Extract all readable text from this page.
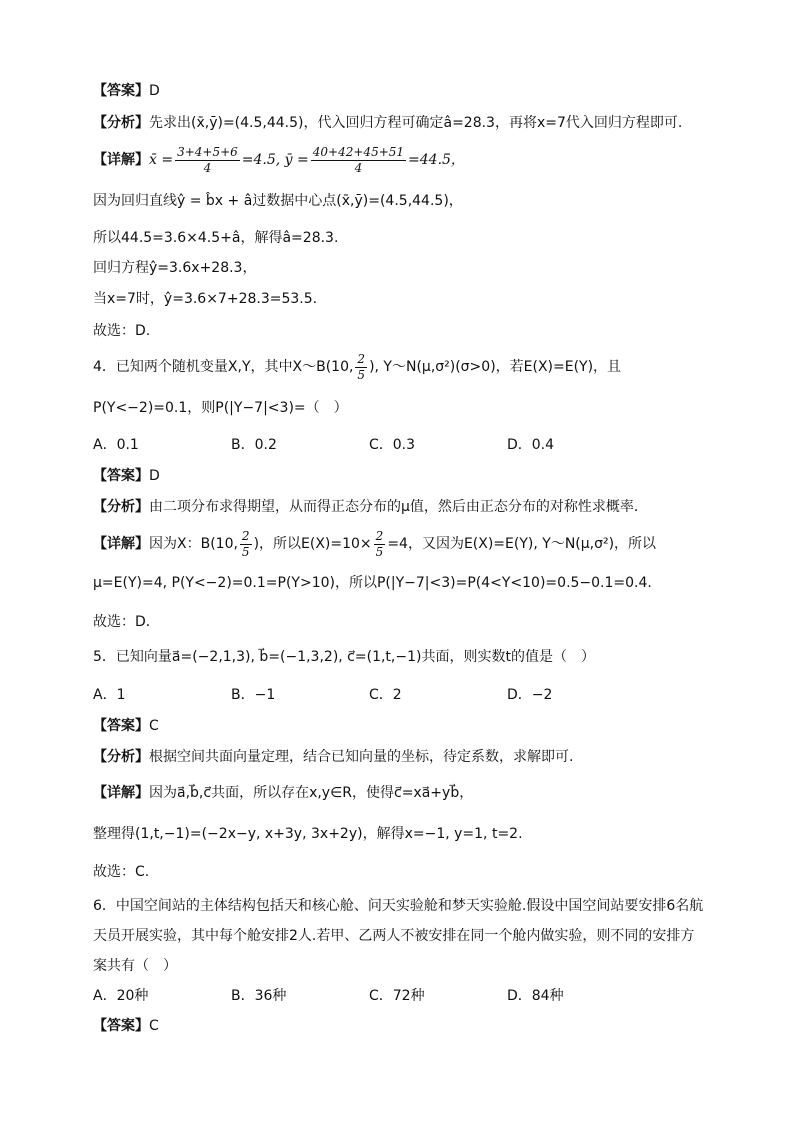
【答案】D
【分析】先求出(x̄,ȳ)=(4.5,44.5)，代入回归方程可确定â=28.3，再将x=7代入回归方程即可.
【详解】x̄ = $\frac{3+4+5+6}{4} =4.5$, ȳ = $\frac{40+42+45+51}{4} =44.5$，
因为回归直线ŷ = b̂x + â过数据中心点(x̄,ȳ)=(4.5,44.5)，
所以44.5=3.6×4.5+â，解得â=28.3.
回归方程ŷ=3.6x+28.3，
当x=7时，ŷ=3.6×7+28.3=53.5.
故选：D.
4．已知两个随机变量X,Y，其中X～B(10, $\frac{2}{5}$ ), Y～N(μ,σ²)(σ>0)，若E(X)=E(Y)，且
P(Y<−2)=0.1，则P(|Y−7|<3)=（　）
A．0.1	B．0.2	C．0.3	D．0.4
【答案】D
【分析】由二项分布求得期望，从而得正态分布的μ值，然后由正态分布的对称性求概率．
【详解】因为X：B(10, $\frac{2}{5}$ )，所以$E(X)=10\times \frac{2}{5} =4$，又因为E(X)=E(Y), Y～N(μ,σ²)，所以
μ=E(Y)=4, P(Y<−2)=0.1=P(Y>10)，所以P(|Y−7|<3)=P(4<Y<10)=0.5−0.1=0.4.
故选：D．
5．已知向量a⃗=(−2,1,3), b⃗=(−1,3,2), c⃗=(1,t,−1)共面，则实数t的值是（　）
A．1	B．−1	C．2	D．−2
【答案】C
【分析】根据空间共面向量定理，结合已知向量的坐标，待定系数，求解即可.
【详解】因为a⃗,b⃗,c⃗共面，所以存在x,y∈R，使得c⃗=xa⃗+yb⃗，
整理得(1,t,−1)=(−2x−y, x+3y, 3x+2y)，解得x=−1, y=1, t=2.
故选：C.
6．中国空间站的主体结构包括天和核心舱、问天实验舱和梦天实验舱.假设中国空间站要安排6名航
天员开展实验，其中每个舱安排2人.若甲、乙两人不被安排在同一个舱内做实验，则不同的安排方
案共有（　）
A．20种	B．36种	C．72种	D．84种
【答案】C
